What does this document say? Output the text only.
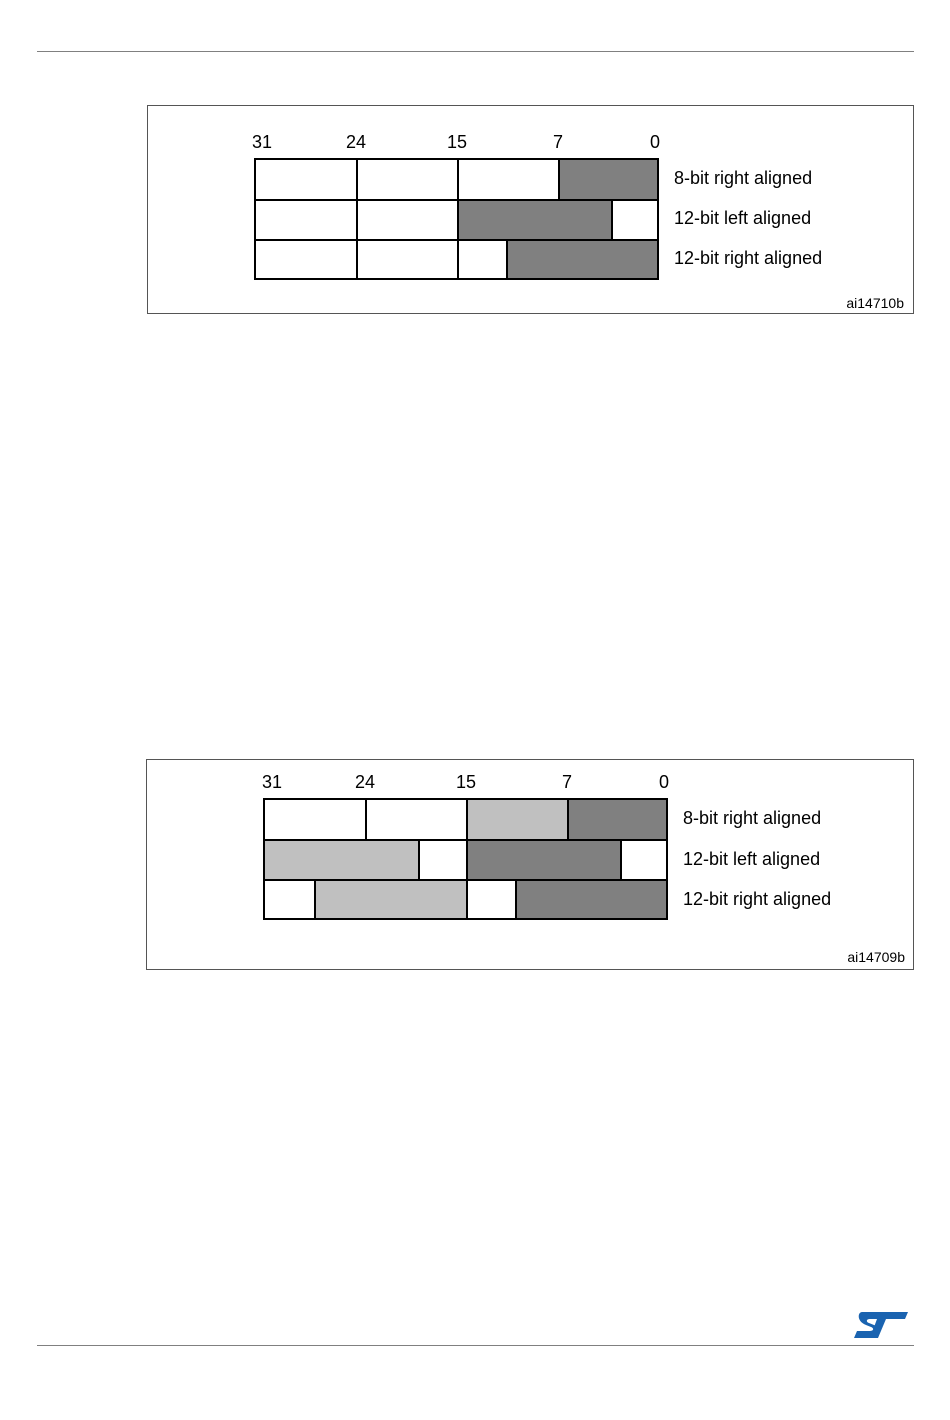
31	24	15	7	0
8-bit right aligned
12-bit left aligned
12-bit right aligned
ai14710b
31	24	15	7	0
8-bit right aligned
12-bit left aligned
12-bit right aligned
ai14709b
